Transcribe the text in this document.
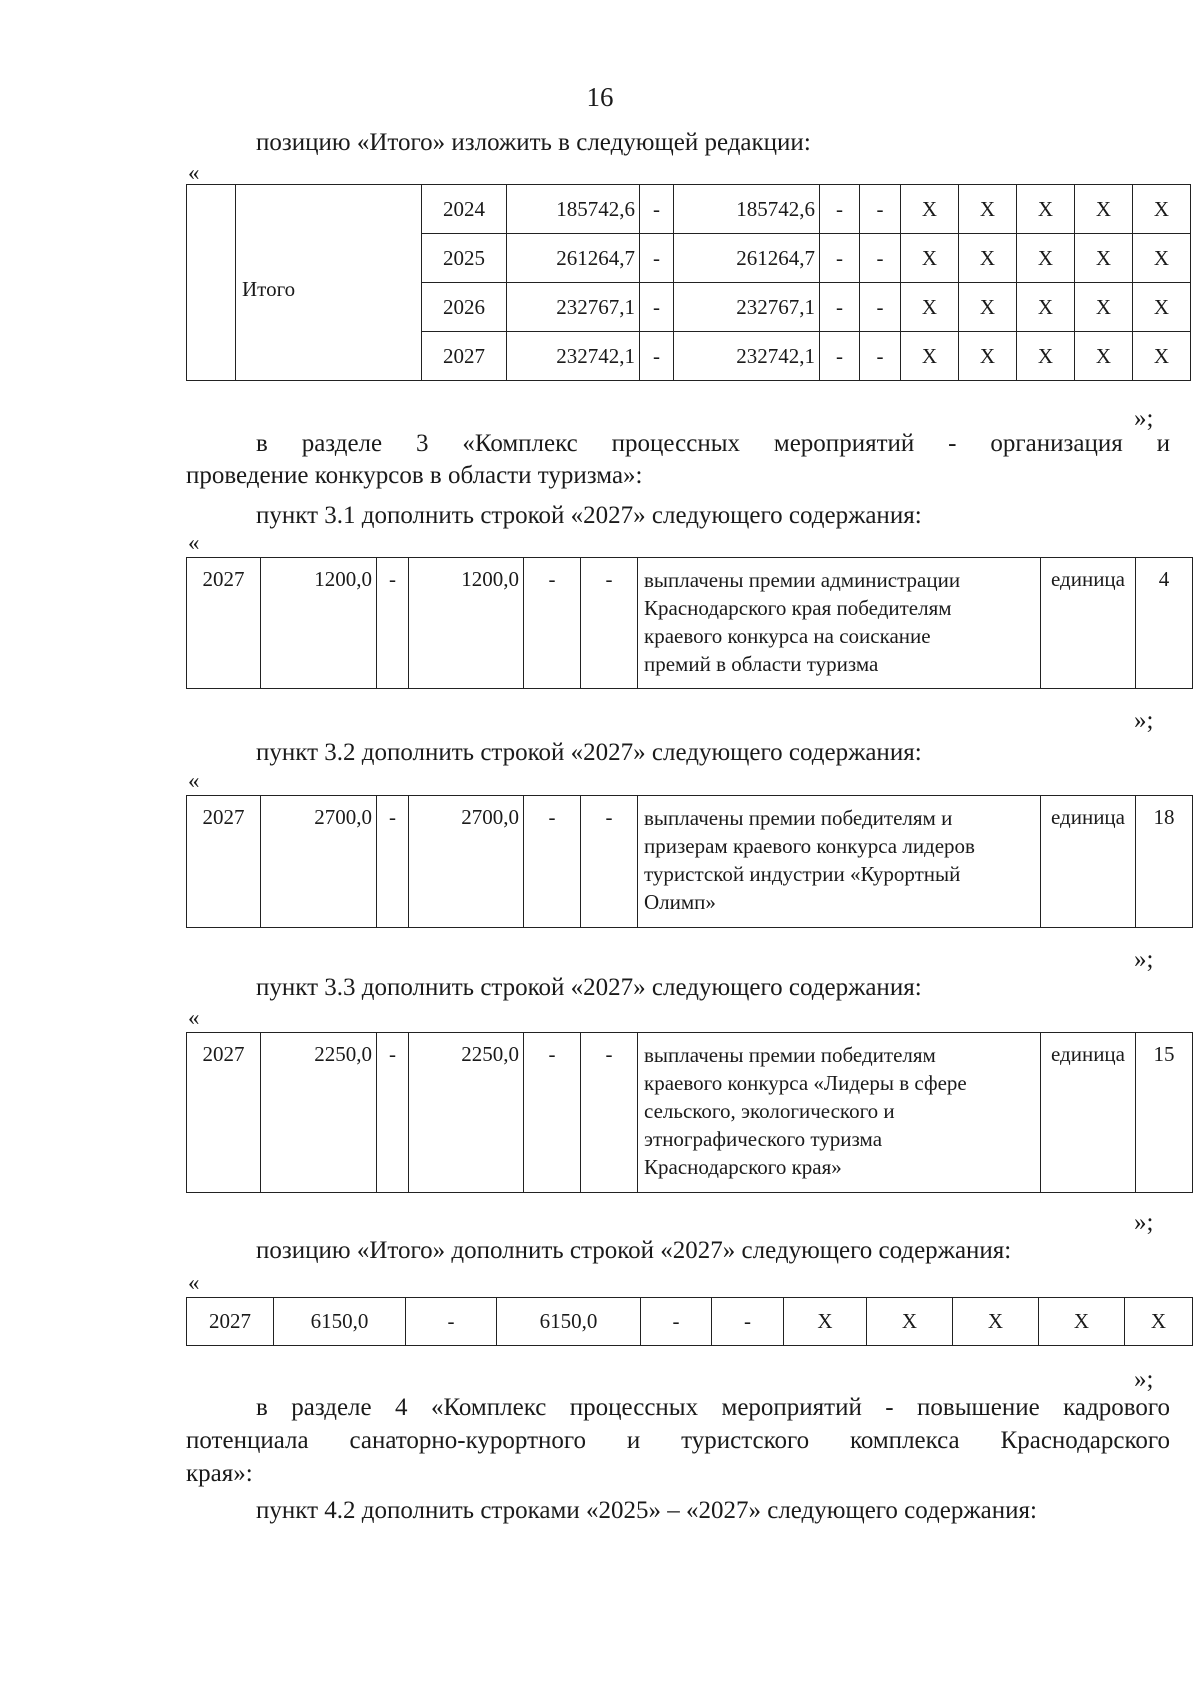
16
позицию «Итого» изложить в следующей редакции:
«
	Итого	2024	185742,6	-	185742,6	-	-	Х	Х	Х	Х	Х
		2025	261264,7	-	261264,7	-	-	Х	Х	Х	Х	Х
		2026	232767,1	-	232767,1	-	-	Х	Х	Х	Х	Х
		2027	232742,1	-	232742,1	-	-	Х	Х	Х	Х	Х
»;
в разделе 3 «Комплекс процессных мероприятий - организация и
проведение конкурсов в области туризма»:
пункт 3.1 дополнить строкой «2027» следующего содержания:
«
2027	1200,0	-	1200,0	-	-	выплачены премии администрации
Краснодарского края победителям
краевого конкурса на соискание
премий в области туризма
	единица	4
»;
пункт 3.2 дополнить строкой «2027» следующего содержания:
«
2027	2700,0	-	2700,0	-	-	выплачены премии победителям и
призерам краевого конкурса лидеров
туристской индустрии «Курортный
Олимп»
	единица	18
»;
пункт 3.3 дополнить строкой «2027» следующего содержания:
«
2027	2250,0	-	2250,0	-	-	выплачены премии победителям
краевого конкурса «Лидеры в сфере
сельского, экологического и
этнографического туризма
Краснодарского края»
	единица	15
»;
позицию «Итого» дополнить строкой «2027» следующего содержания:
«
2027	6150,0	-	6150,0	-	-	Х	Х	Х	Х	Х
»;
в разделе 4 «Комплекс процессных мероприятий - повышение кадрового
потенциала санаторно-курортного и туристского комплекса Краснодарского
края»:
пункт 4.2 дополнить строками «2025» – «2027» следующего содержания:
